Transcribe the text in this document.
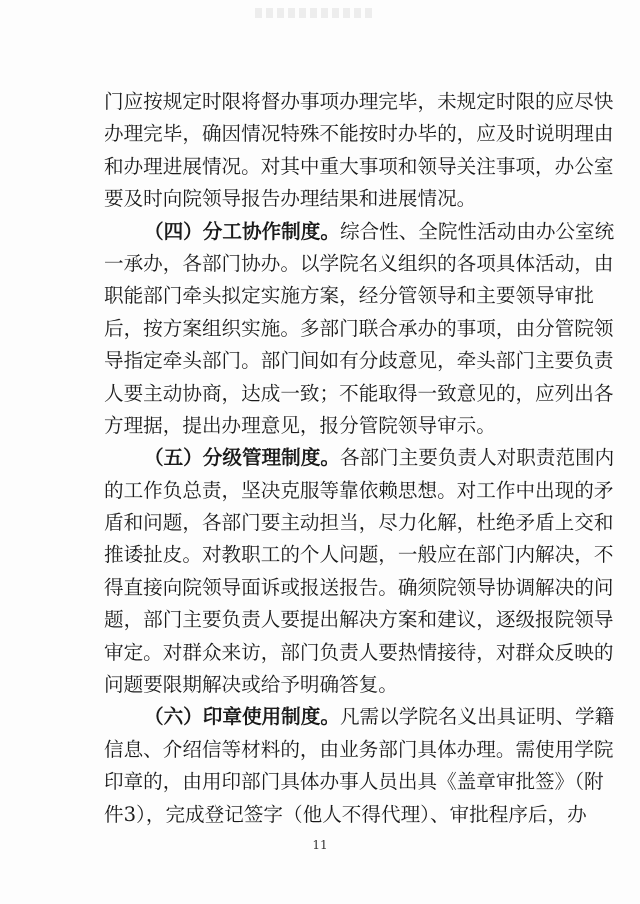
门应按规定时限将督办事项办理完毕，未规定时限的应尽快
办理完毕，确因情况特殊不能按时办毕的，应及时说明理由
和办理进展情况。对其中重大事项和领导关注事项，办公室
要及时向院领导报告办理结果和进展情况。
（四）分工协作制度。综合性、全院性活动由办公室统
一承办，各部门协办。以学院名义组织的各项具体活动，由
职能部门牵头拟定实施方案，经分管领导和主要领导审批
后，按方案组织实施。多部门联合承办的事项，由分管院领
导指定牵头部门。部门间如有分歧意见，牵头部门主要负责
人要主动协商，达成一致；不能取得一致意见的，应列出各
方理据，提出办理意见，报分管院领导审示。
（五）分级管理制度。各部门主要负责人对职责范围内
的工作负总责，坚决克服等靠依赖思想。对工作中出现的矛
盾和问题，各部门要主动担当，尽力化解，杜绝矛盾上交和
推诿扯皮。对教职工的个人问题，一般应在部门内解决，不
得直接向院领导面诉或报送报告。确须院领导协调解决的问
题，部门主要负责人要提出解决方案和建议，逐级报院领导
审定。对群众来访，部门负责人要热情接待，对群众反映的
问题要限期解决或给予明确答复。
（六）印章使用制度。凡需以学院名义出具证明、学籍
信息、介绍信等材料的，由业务部门具体办理。需使用学院
印章的，由用印部门具体办事人员出具《盖章审批签》（附
件3），完成登记签字（他人不得代理）、审批程序后，办
11
